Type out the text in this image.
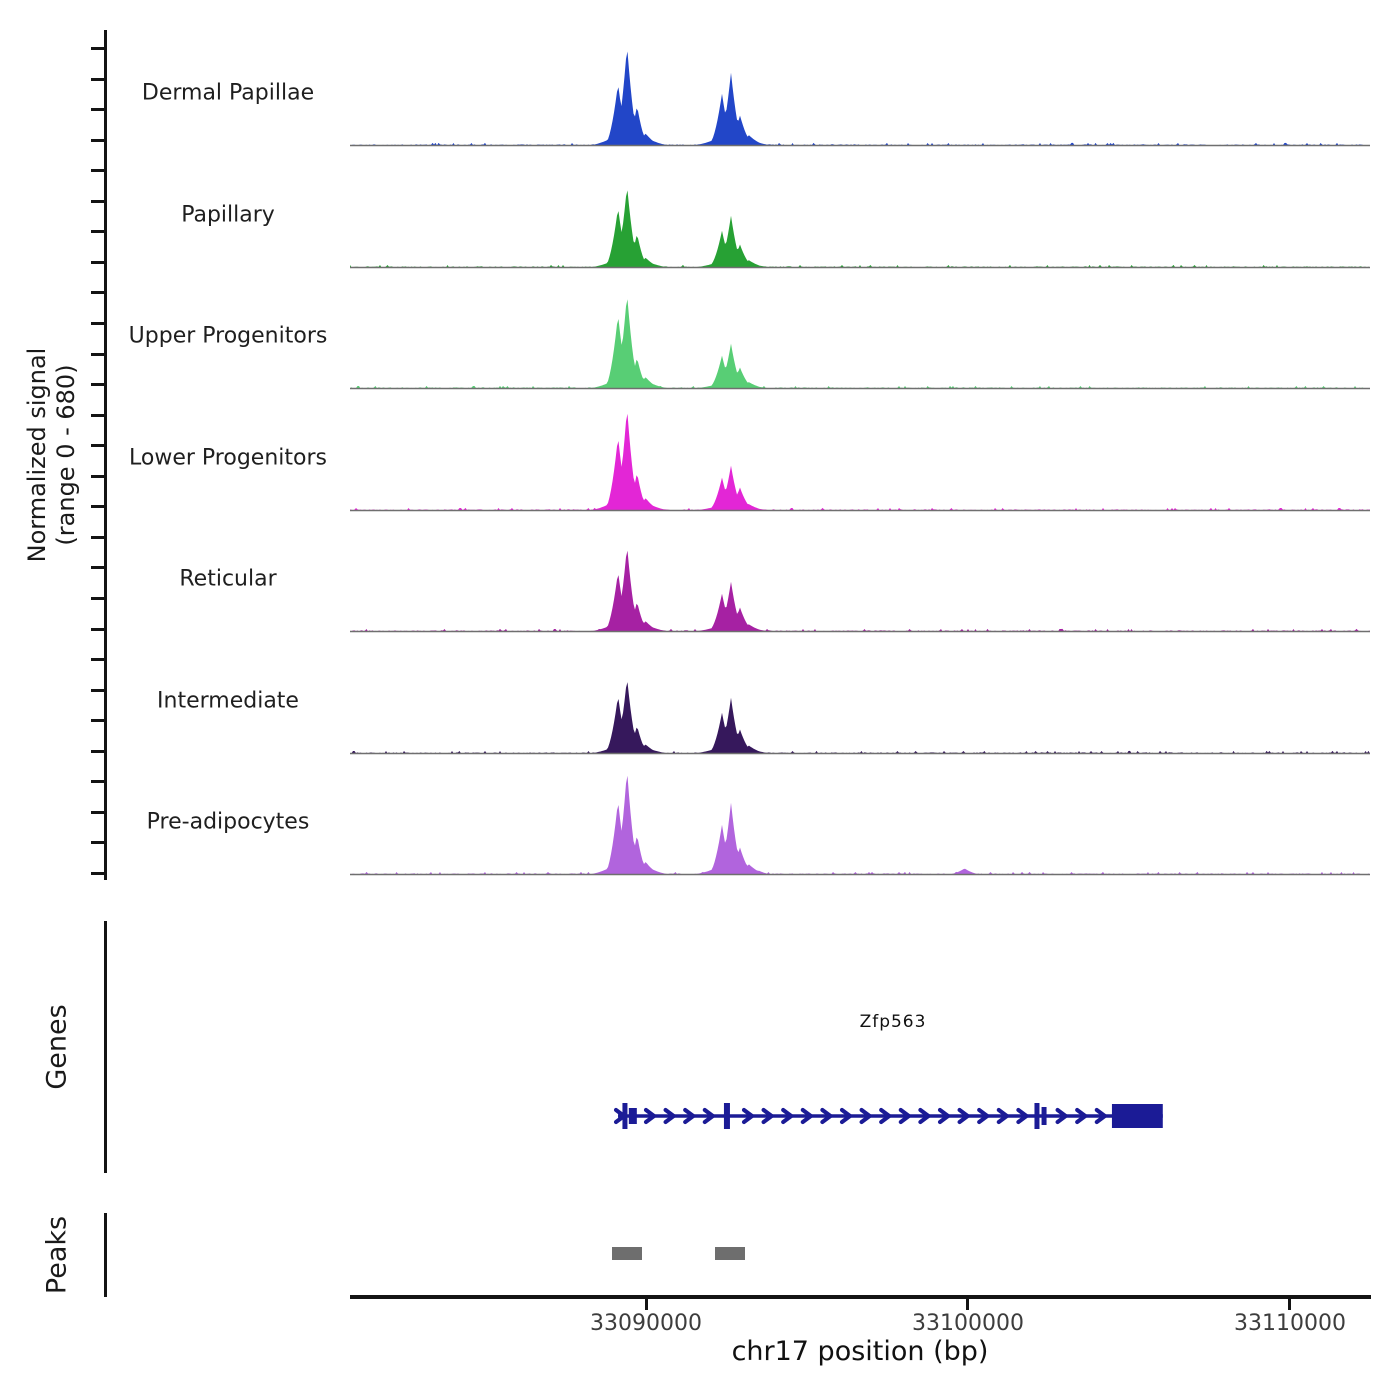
Normalized signal (range 0 - 680)
Dermal Papillae
Papillary
Upper Progenitors
Lower Progenitors
Reticular
Intermediate
Pre-adipocytes
Genes	Zfp563
Peaks
33090000	33100000	33110000
chr17 position (bp)
